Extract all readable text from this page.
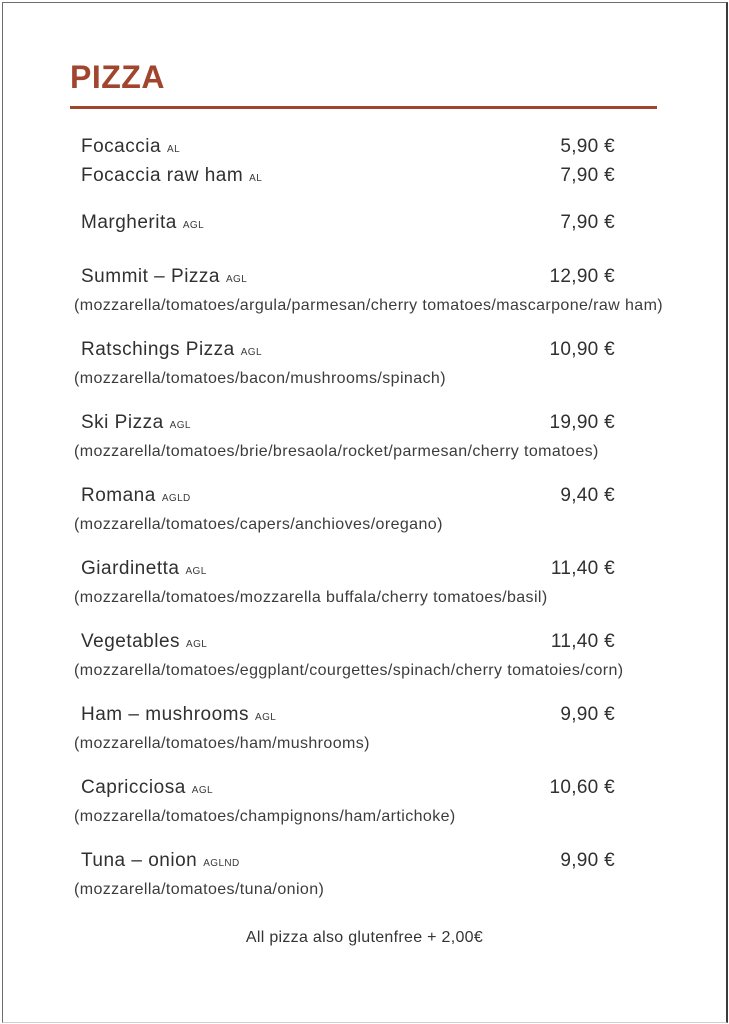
PIZZA
Focaccia AL	5,90 €
Focaccia raw ham AL	7,90 €
Margherita AGL	7,90 €
Summit – Pizza AGL	12,90 €
(mozzarella/tomatoes/argula/parmesan/cherry tomatoes/mascarpone/raw ham)
Ratschings Pizza AGL	10,90 €
(mozzarella/tomatoes/bacon/mushrooms/spinach)
Ski Pizza AGL	19,90 €
(mozzarella/tomatoes/brie/bresaola/rocket/parmesan/cherry tomatoes)
Romana AGLD	9,40 €
(mozzarella/tomatoes/capers/anchioves/oregano)
Giardinetta AGL	11,40 €
(mozzarella/tomatoes/mozzarella buffala/cherry tomatoes/basil)
Vegetables AGL	11,40 €
(mozzarella/tomatoes/eggplant/courgettes/spinach/cherry tomatoies/corn)
Ham – mushrooms AGL	9,90 €
(mozzarella/tomatoes/ham/mushrooms)
Capricciosa AGL	10,60 €
(mozzarella/tomatoes/champignons/ham/artichoke)
Tuna – onion AGLND	9,90 €
(mozzarella/tomatoes/tuna/onion)
All pizza also glutenfree + 2,00€
